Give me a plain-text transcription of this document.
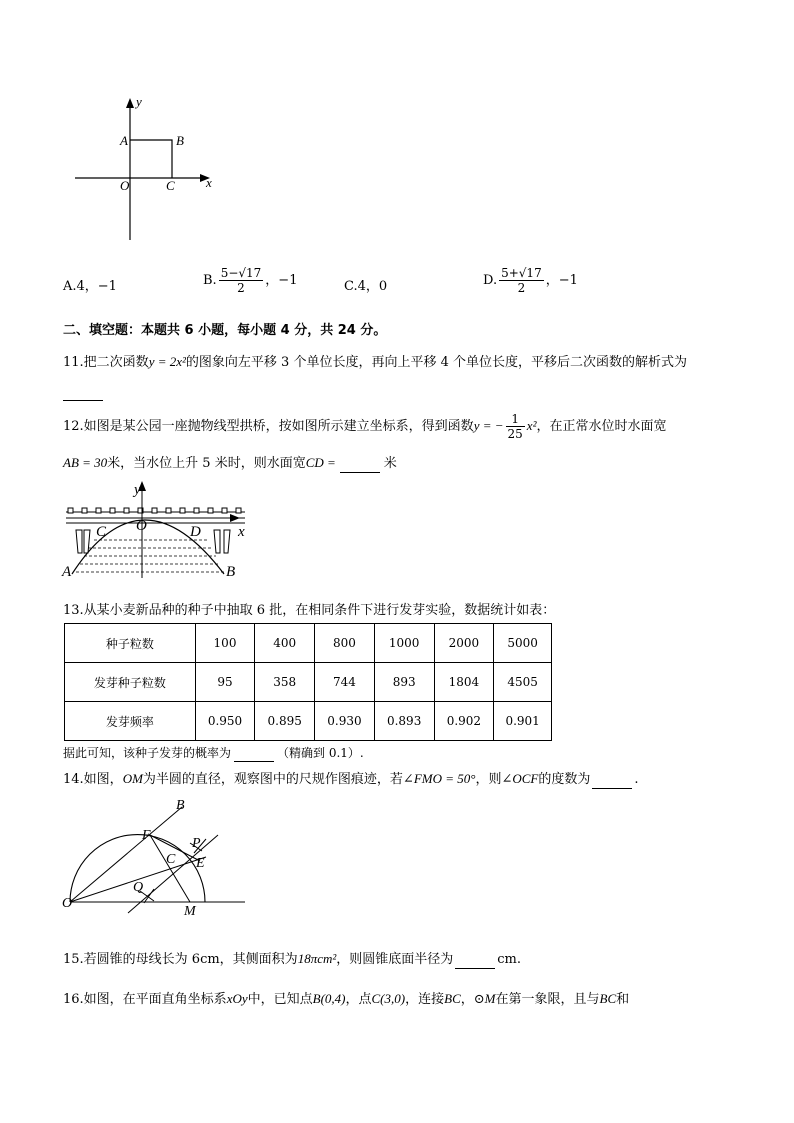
y
A	B
O	C x
A.4，−1	B. $\frac{5-√17}{2}$ ，−1	C.4，0	D. $\frac{5+√17}{2}$ ，−1
二、填空题：本题共 6 小题，每小题 4 分，共 24 分。
11.把二次函数y = 2x²的图象向左平移 3 个单位长度，再向上平移 4 个单位长度，平移后二次函数的解析式为
12.如图是某公园一座抛物线型拱桥，按如图所示建立坐标系，得到函数y = − $\frac{1}{25} x^2$，在正常水位时水面宽
AB = 30米，当水位上升 5 米时，则水面宽CD =	米
y
C O	D x
A	B
13.从某小麦新品种的种子中抽取 6 批，在相同条件下进行发芽实验，数据统计如表：
种子粒数	100	400	800	1000	2000	5000
发芽种子粒数	95	358	744	893	1804	4505
发芽频率	0.950	0.895	0.930	0.893	0.902	0.901
据此可知，该种子发芽的概率为	（精确到 0.1）.
14.如图，OM为半圆的直径，观察图中的尺规作图痕迹，若∠FMO = 50°，则∠OCF的度数为	.
B
F
P
C E
Q
O
M
15.若圆锥的母线长为 6cm，其侧面积为18πcm²，则圆锥底面半径为	cm.
16.如图，在平面直角坐标系xOy中，已知点B(0,4)，点C(3,0)，连接BC，⊙M在第一象限，且与BC和
